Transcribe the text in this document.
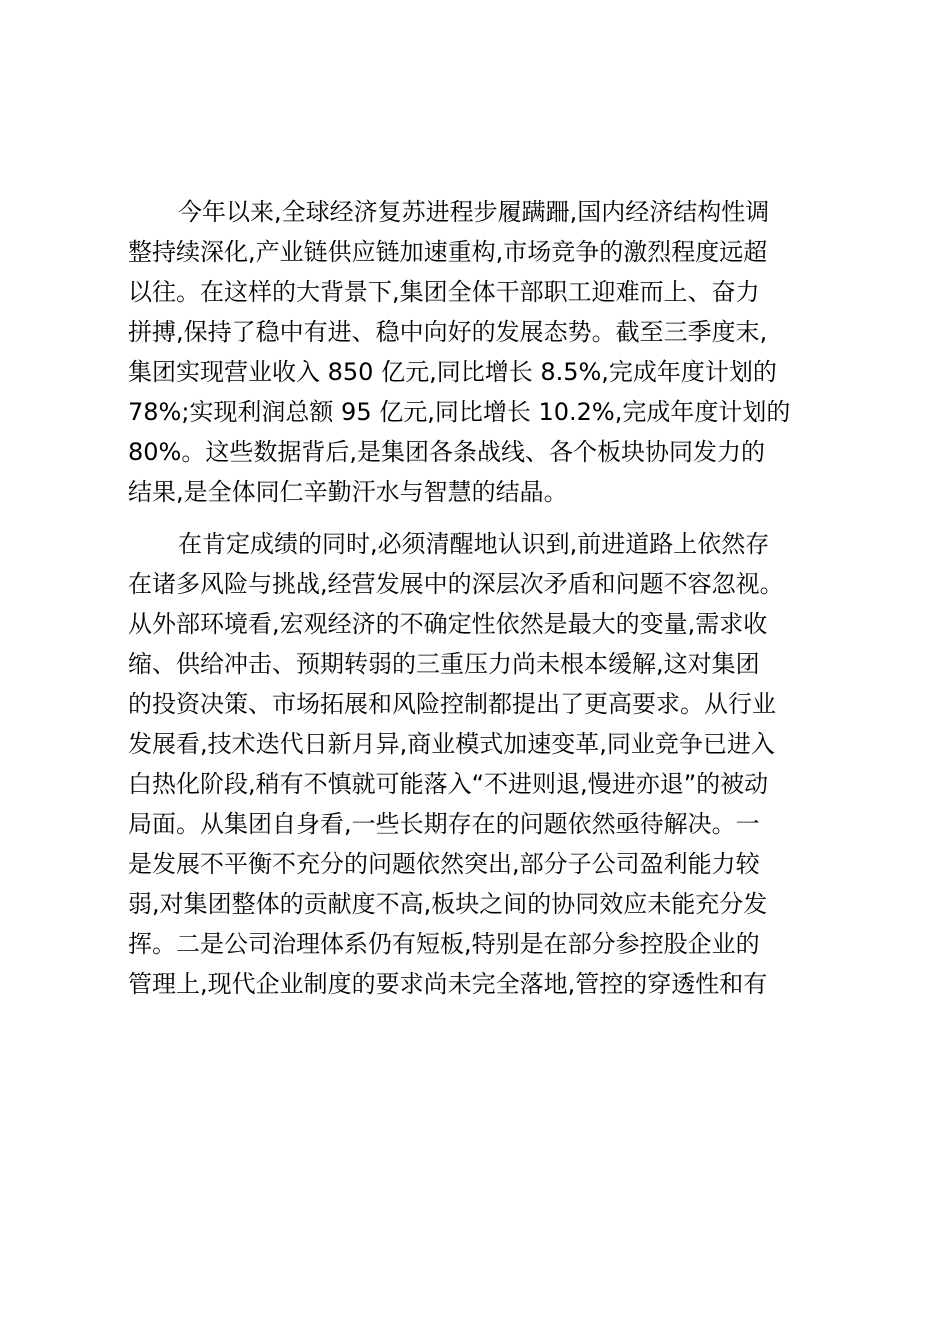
今年以来,全球经济复苏进程步履蹒跚,国内经济结构性调
整持续深化,产业链供应链加速重构,市场竞争的激烈程度远超
以往。在这样的大背景下,集团全体干部职工迎难而上、奋力
拼搏,保持了稳中有进、稳中向好的发展态势。截至三季度末,
集团实现营业收入 850 亿元,同比增长 8.5%,完成年度计划的
78%;实现利润总额 95 亿元,同比增长 10.2%,完成年度计划的
80%。这些数据背后,是集团各条战线、各个板块协同发力的
结果,是全体同仁辛勤汗水与智慧的结晶。
在肯定成绩的同时,必须清醒地认识到,前进道路上依然存
在诸多风险与挑战,经营发展中的深层次矛盾和问题不容忽视。
从外部环境看,宏观经济的不确定性依然是最大的变量,需求收
缩、供给冲击、预期转弱的三重压力尚未根本缓解,这对集团
的投资决策、市场拓展和风险控制都提出了更高要求。从行业
发展看,技术迭代日新月异,商业模式加速变革,同业竞争已进入
白热化阶段,稍有不慎就可能落入“不进则退,慢进亦退”的被动
局面。从集团自身看,一些长期存在的问题依然亟待解决。一
是发展不平衡不充分的问题依然突出,部分子公司盈利能力较
弱,对集团整体的贡献度不高,板块之间的协同效应未能充分发
挥。二是公司治理体系仍有短板,特别是在部分参控股企业的
管理上,现代企业制度的要求尚未完全落地,管控的穿透性和有
